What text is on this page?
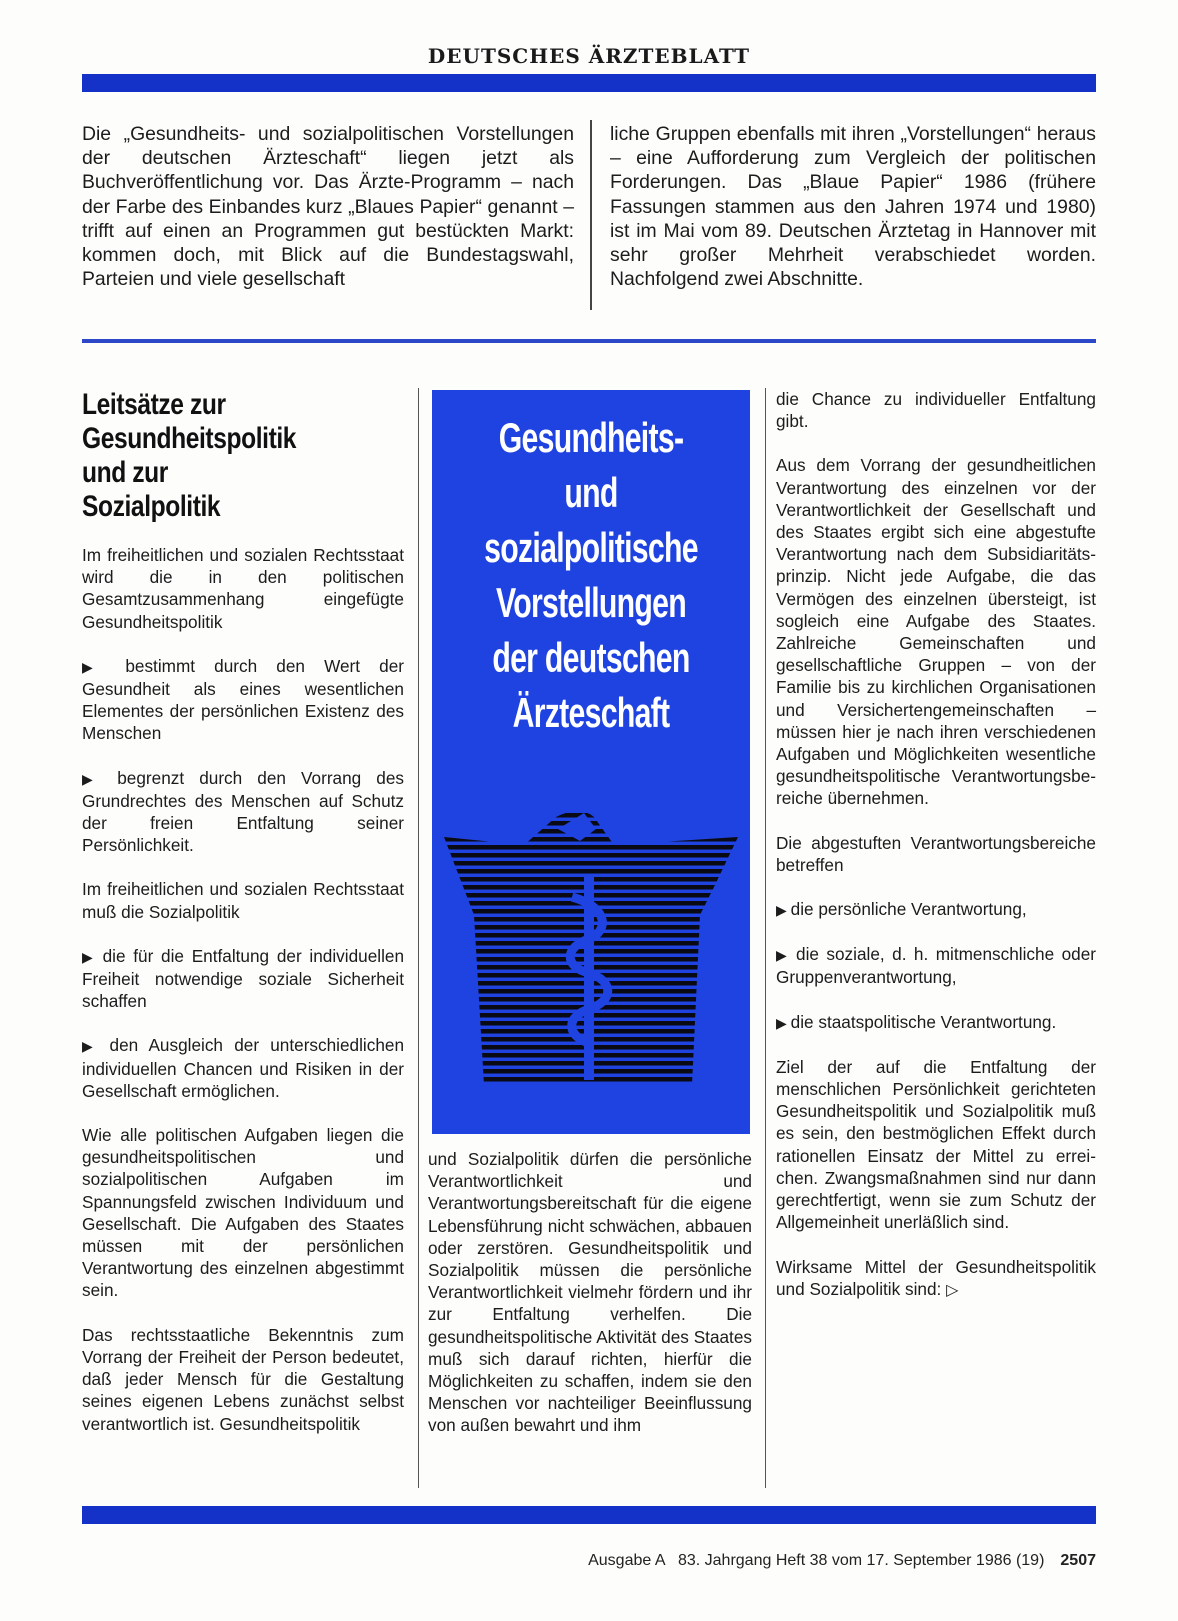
DEUTSCHES ÄRZTEBLATT

Die „Gesundheits- und sozialpolitischen Vorstellungen der deutschen Ärzteschaft“ liegen jetzt als Buchveröffentlichung vor. Das Ärzte-Programm – nach der Farbe des Einbandes kurz „Blaues Papier“ genannt – trifft auf einen an Programmen gut bestückten Markt: kommen doch, mit Blick auf die Bundestagswahl, Parteien und viele gesellschaft

liche Gruppen ebenfalls mit ihren „Vorstellungen“ heraus – eine Aufforderung zum Vergleich der politischen Forderungen. Das „Blaue Papier“ 1986 (frühere Fassungen stammen aus den Jahren 1974 und 1980) ist im Mai vom 89. Deutschen Ärztetag in Hannover mit sehr großer Mehrheit verabschiedet worden. Nachfolgend zwei Abschnitte.

Leitsätze zur
Gesundheitspolitik
und zur
Sozialpolitik

Im freiheitlichen und sozialen Rechtsstaat wird die in den politischen Gesamtzusammenhang eingefügte Gesundheitspolitik

▶ bestimmt durch den Wert der Gesundheit als eines wesentlichen Elementes der persönlichen Existenz des Menschen

▶ begrenzt durch den Vorrang des Grundrechtes des Menschen auf Schutz der freien Entfaltung seiner Persönlichkeit.

Im freiheitlichen und sozialen Rechtsstaat muß die Sozialpolitik

▶ die für die Entfaltung der individuellen Freiheit notwendige soziale Sicherheit schaffen

▶ den Ausgleich der unterschiedlichen individuellen Chancen und Risiken in der Gesellschaft ermöglichen.

Wie alle politischen Aufgaben liegen die gesundheitspolitischen und sozialpolitischen Aufgaben im Spannungsfeld zwischen Individuum und Gesellschaft. Die Aufgaben des Staates müssen mit der persönlichen Verantwortung des einzelnen abgestimmt sein.

Das rechtsstaatliche Bekenntnis zum Vorrang der Freiheit der Person bedeutet, daß jeder Mensch für die Gestaltung seines eigenen Lebens zunächst selbst verantwortlich ist. Gesundheitspolitik

Gesundheits-
und
sozialpolitische
Vorstellungen
der deutschen
Ärzteschaft

und Sozialpolitik dürfen die persönliche Verantwortlichkeit und Verantwortungsbereitschaft für die eigene Lebensführung nicht schwächen, abbauen oder zerstören. Gesundheitspolitik und Sozialpolitik müssen die persönliche Verantwortlichkeit vielmehr fördern und ihr zur Entfaltung verhelfen. Die gesundheitspolitische Aktivität des Staates muß sich darauf richten, hierfür die Möglichkeiten zu schaffen, indem sie den Menschen vor nachteiliger Beeinflussung von außen bewahrt und ihm

die Chance zu individueller Entfaltung gibt.

Aus dem Vorrang der gesundheitlichen Verantwortung des einzelnen vor der Verantwortlichkeit der Gesellschaft und des Staates ergibt sich eine abgestufte Verantwortung nach dem Subsidiaritätsprinzip. Nicht jede Aufgabe, die das Vermögen des einzelnen übersteigt, ist sogleich eine Aufgabe des Staates. Zahlreiche Gemeinschaften und gesellschaftliche Gruppen – von der Familie bis zu kirchlichen Organisationen und Versichertengemeinschaften – müssen hier je nach ihren verschiedenen Aufgaben und Möglichkeiten wesentliche gesundheitspolitische Verantwortungsbereiche übernehmen.

Die abgestuften Verantwortungsbereiche betreffen

▶ die persönliche Verantwortung,

▶ die soziale, d. h. mitmenschliche oder Gruppenverantwortung,

▶ die staatspolitische Verantwortung.

Ziel der auf die Entfaltung der menschlichen Persönlichkeit gerichteten Gesundheitspolitik und Sozialpolitik muß es sein, den bestmöglichen Effekt durch rationellen Einsatz der Mittel zu erreichen. Zwangsmaßnahmen sind nur dann gerechtfertigt, wenn sie zum Schutz der Allgemeinheit unerläßlich sind.

Wirksame Mittel der Gesundheitspolitik und Sozialpolitik sind: ▷

Ausgabe A   83. Jahrgang Heft 38 vom 17. September 1986 (19) 2507
